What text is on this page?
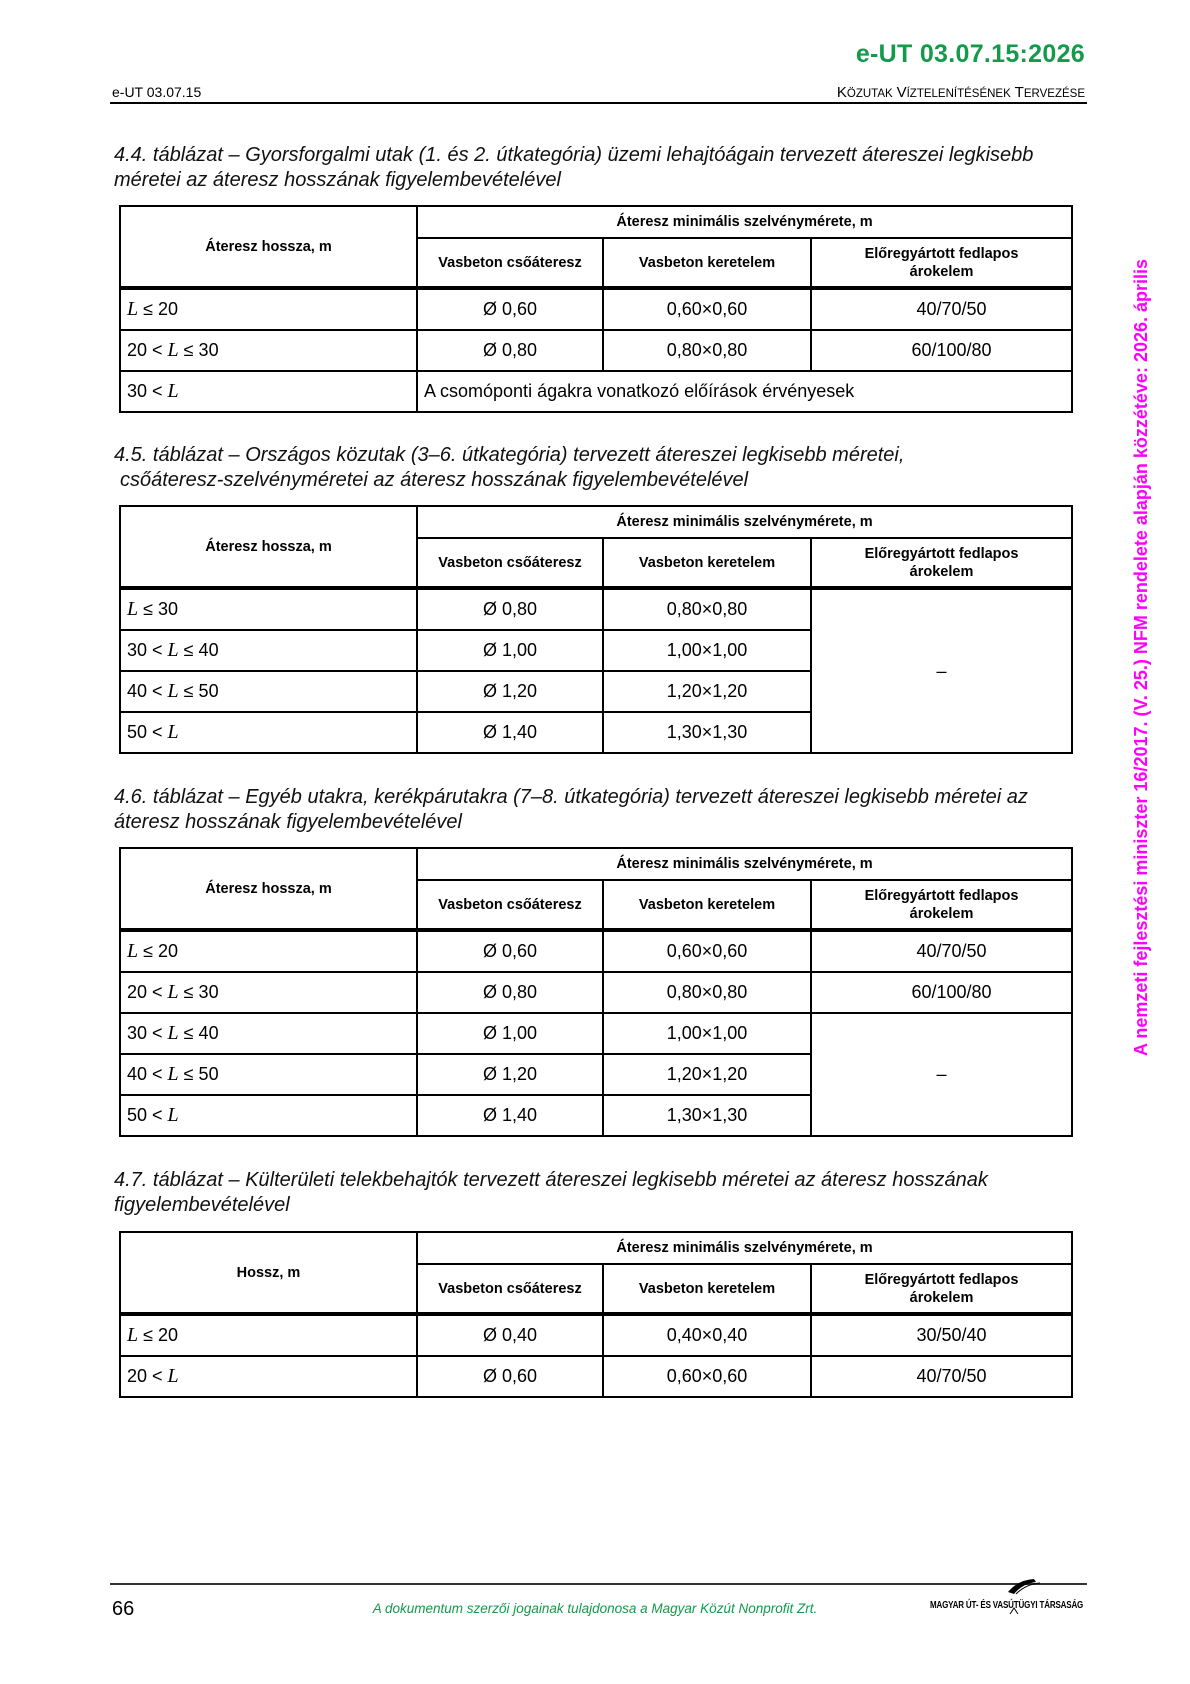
e-UT 03.07.15:2026
e-UT 03.07.15	KÖZUTAK VÍZTELENÍTÉSÉNEK TERVEZÉSE
A nemzeti fejlesztési miniszter 16/2017. (V. 25.) NFM rendelete alapján közzétéve: 2026. április
4.4. táblázat – Gyorsforgalmi utak (1. és 2. útkategória) üzemi lehajtóágain tervezett átereszei legkisebb méretei az áteresz hosszának figyelembevételével
Áteresz hossza, m	Áteresz minimális szelvénymérete, m		
	Vasbeton csőáteresz	Vasbeton keretelem	Előregyártott fedlapos
árokelem
L ≤ 20	Ø 0,60	0,60×0,60	40/70/50
20 < L ≤ 30	Ø 0,80	0,80×0,80	60/100/80
30 < L	A csomóponti ágakra vonatkozó előírások érvényesek		
4.5. táblázat – Országos közutak (3–6. útkategória) tervezett átereszei legkisebb méretei,
csőáteresz-szelvényméretei az áteresz hosszának figyelembevételével
Áteresz hossza, m	Áteresz minimális szelvénymérete, m		
	Vasbeton csőáteresz	Vasbeton keretelem	Előregyártott fedlapos
árokelem
L ≤ 30	Ø 0,80	0,80×0,80	–
30 < L ≤ 40	Ø 1,00	1,00×1,00	
40 < L ≤ 50	Ø 1,20	1,20×1,20	
50 < L	Ø 1,40	1,30×1,30	
4.6. táblázat – Egyéb utakra, kerékpárutakra (7–8. útkategória) tervezett átereszei legkisebb méretei az áteresz hosszának figyelembevételével
Áteresz hossza, m	Áteresz minimális szelvénymérete, m		
	Vasbeton csőáteresz	Vasbeton keretelem	Előregyártott fedlapos
árokelem
L ≤ 20	Ø 0,60	0,60×0,60	40/70/50
20 < L ≤ 30	Ø 0,80	0,80×0,80	60/100/80
30 < L ≤ 40	Ø 1,00	1,00×1,00	–
40 < L ≤ 50	Ø 1,20	1,20×1,20	
50 < L	Ø 1,40	1,30×1,30	
4.7. táblázat – Külterületi telekbehajtók tervezett átereszei legkisebb méretei az áteresz hosszának figyelembevételével
Hossz, m	Áteresz minimális szelvénymérete, m		
	Vasbeton csőáteresz	Vasbeton keretelem	Előregyártott fedlapos
árokelem
L ≤ 20	Ø 0,40	0,40×0,40	30/50/40
20 < L	Ø 0,60	0,60×0,60	40/70/50
66	A dokumentum szerzői jogainak tulajdonosa a Magyar Közút Nonprofit Zrt.	MAGYAR ÚT- ÉS VASÚTÜGYI TÁRSASÁG
